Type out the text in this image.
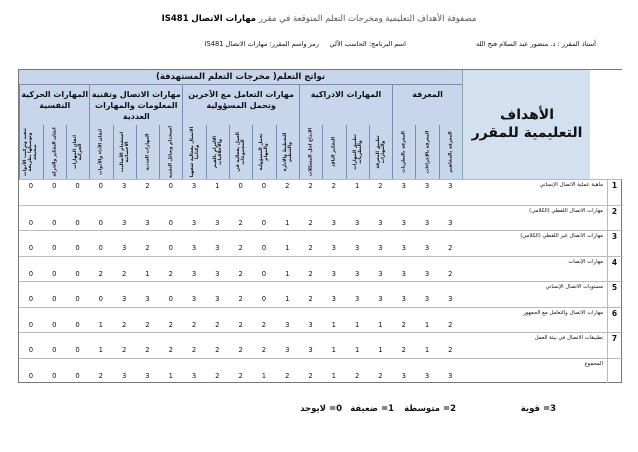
مصفوفة الأهداف التعليمية ومخرجات التعلم المتوقعة في مقرر مهارات الاتصال IS481
أستاذ المقرر : د. منصور عبد السلام فتح الله
اسم البرنامج: الحاسب الآلي     رمز واسم المقرر: مهارات الاتصال IS481
نواتج التعلم( مخرجات التعلم المستهدفة)
المعرفة
المهارات الادراكية
مهارات التعامل مع الآخرين وتحمل المسؤولية
مهارات الاتصال وتقنية المعلومات والمهارات العددية
المهارات الحركية النفسية
المعرفة بالمفاهيم
المعرفة بالإجراءات
المعرفة بالنظريات
تطبيق المعرفة والمهارات
تطبيق المهارات والنظريات
التفكير الناقد
الابداع لحل المشكلات
التخطيط والادارة والتنظيم
تحمل المسؤولية والمهام
العمل بفعالية في المجموعات
الالتزام بالقيم والأخلاقيات
الاتصال بفعالية شفهيا وكتابيا
استخدام وسائل التقنية
المهارات العددية
استخدام الأساليب الاحصائية
اتقان الأداء والأدوات
اتقان المهارات الحركية
اتقان التفكير والحركة
تنفيذ وتركيب الأدوات وتوصيلها بطريقة صحيحة
الأهداف التعليمية للمقرر
1
ماهية عملية الاتصال الإنساني
3
3
3
2
1
2
2
2
0
0
1
3
0
2
3
0
0
0
0
2
مهارات الاتصال اللفظي (الكلامي)
3
3
3
3
3
3
2
1
0
2
3
3
0
3
3
0
0
0
0
3
مهارات الاتصال غير اللفظي (الكلامي)
2
3
3
3
3
3
2
1
0
2
3
3
0
2
3
0
0
0
0
4
مهارات الإنصات
2
3
3
3
3
3
2
1
0
2
3
3
2
1
2
2
0
0
0
5
مستويات الاتصال الإنساني
3
3
3
3
3
3
2
1
0
2
3
3
0
3
3
0
0
0
0
6
مهارات الاتصال والتعامل مع الجمهور
2
1
2
1
1
1
3
3
2
2
2
2
2
2
2
1
0
0
0
7
تطبيقات الاتصال في بيئة العمل
2
1
2
1
1
1
3
3
2
2
2
2
2
2
2
1
0
0
0
المجموع
3
3
3
2
2
1
2
2
1
2
2
3
1
3
3
2
0
0
0
3= قوية
2= متوسطة
1= ضعيفة
0= لايوجد
